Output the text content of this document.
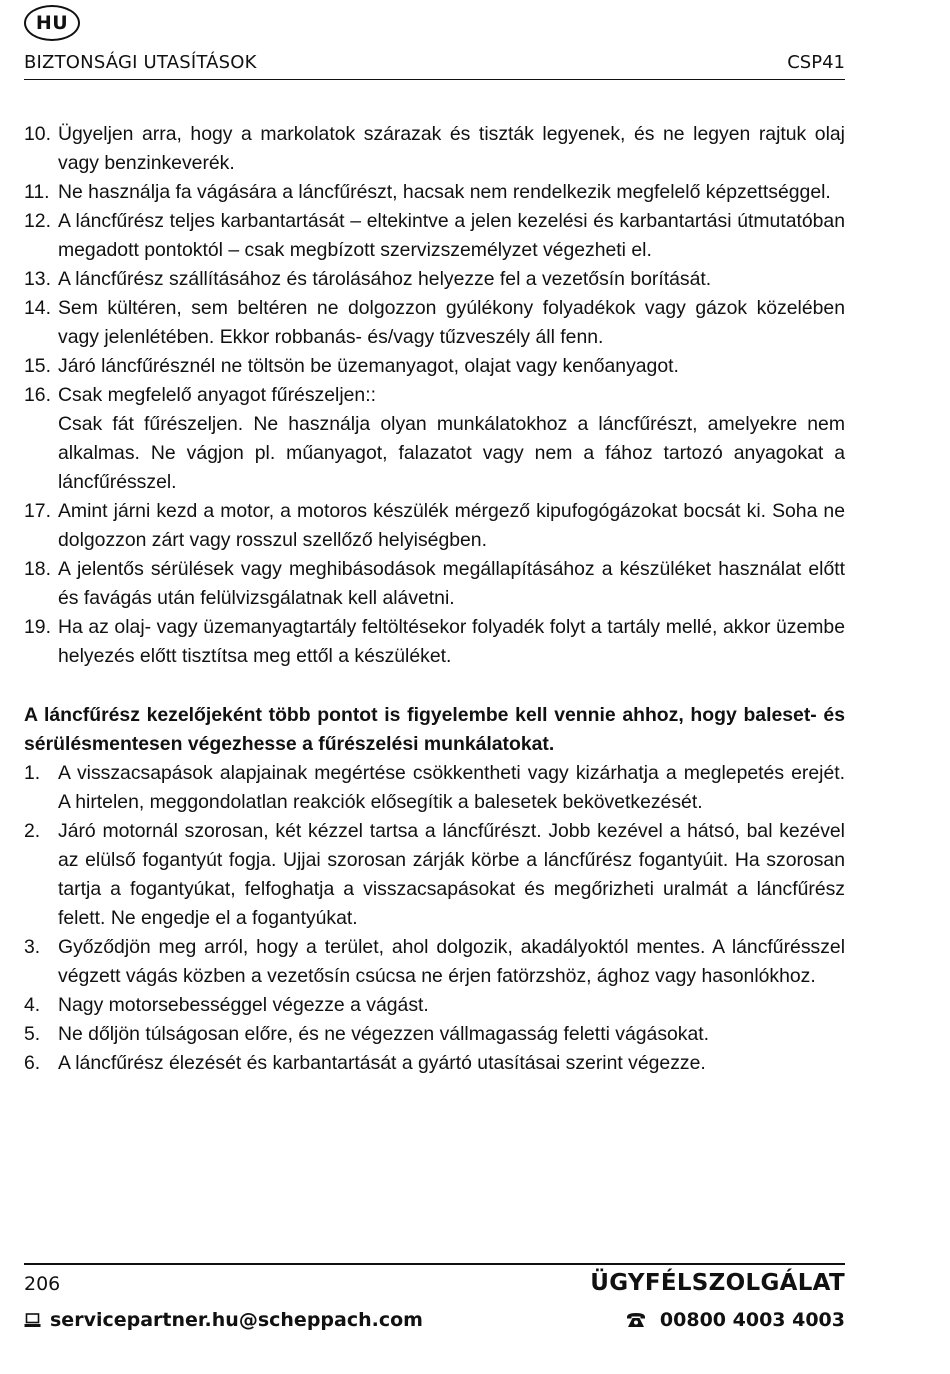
HU
BIZTONSÁGI UTASÍTÁSOK	CSP41
10. Ügyeljen arra, hogy a markolatok szárazak és tiszták legyenek, és ne legyen rajtuk olaj vagy benzinkeverék.
11. Ne használja fa vágására a láncfűrészt, hacsak nem rendelkezik megfelelő képzettséggel.
12. A láncfűrész teljes karbantartását – eltekintve a jelen kezelési és karbantartási útmutatóban megadott pontoktól – csak megbízott szervizszemélyzet végezheti el.
13. A láncfűrész szállításához és tárolásához helyezze fel a vezetősín borítását.
14. Sem kültéren, sem beltéren ne dolgozzon gyúlékony folyadékok vagy gázok közelében vagy jelenlétében. Ekkor robbanás- és/vagy tűzveszély áll fenn.
15. Járó láncfűrésznél ne töltsön be üzemanyagot, olajat vagy kenőanyagot.
16. Csak megfelelő anyagot fűrészeljen::
Csak fát fűrészeljen. Ne használja olyan munkálatokhoz a láncfűrészt, amelyekre nem alkalmas. Ne vágjon pl. műanyagot, falazatot vagy nem a fához tartozó anyagokat a láncfűrésszel.
17. Amint járni kezd a motor, a motoros készülék mérgező kipufogógázokat bocsát ki. Soha ne dolgozzon zárt vagy rosszul szellőző helyiségben.
18. A jelentős sérülések vagy meghibásodások megállapításához a készüléket használat előtt és favágás után felülvizsgálatnak kell alávetni.
19. Ha az olaj- vagy üzemanyagtartály feltöltésekor folyadék folyt a tartály mellé, akkor üzembe helyezés előtt tisztítsa meg ettől a készüléket.
A láncfűrész kezelőjeként több pontot is figyelembe kell vennie ahhoz, hogy baleset- és sérülésmentesen végezhesse a fűrészelési munkálatokat.
1. A visszacsapások alapjainak megértése csökkentheti vagy kizárhatja a meglepetés erejét. A hirtelen, meggondolatlan reakciók elősegítik a balesetek bekövetkezését.
2. Járó motornál szorosan, két kézzel tartsa a láncfűrészt. Jobb kezével a hátsó, bal kezével az elülső fogantyút fogja. Ujjai szorosan zárják körbe a láncfűrész fogantyúit. Ha szorosan tartja a fogantyúkat, felfoghatja a visszacsapásokat és megőrizheti uralmát a láncfűrész felett. Ne engedje el a fogantyúkat.
3. Győződjön meg arról, hogy a terület, ahol dolgozik, akadályoktól mentes. A láncfűrésszel végzett vágás közben a vezetősín csúcsa ne érjen fatörzshöz, ághoz vagy hasonlókhoz.
4. Nagy motorsebességgel végezze a vágást.
5. Ne dőljön túlságosan előre, és ne végezzen vállmagasság feletti vágásokat.
6. A láncfűrész élezését és karbantartását a gyártó utasításai szerint végezze.
206	ÜGYFÉLSZOLGÁLAT
servicepartner.hu@scheppach.com	00800 4003 4003
